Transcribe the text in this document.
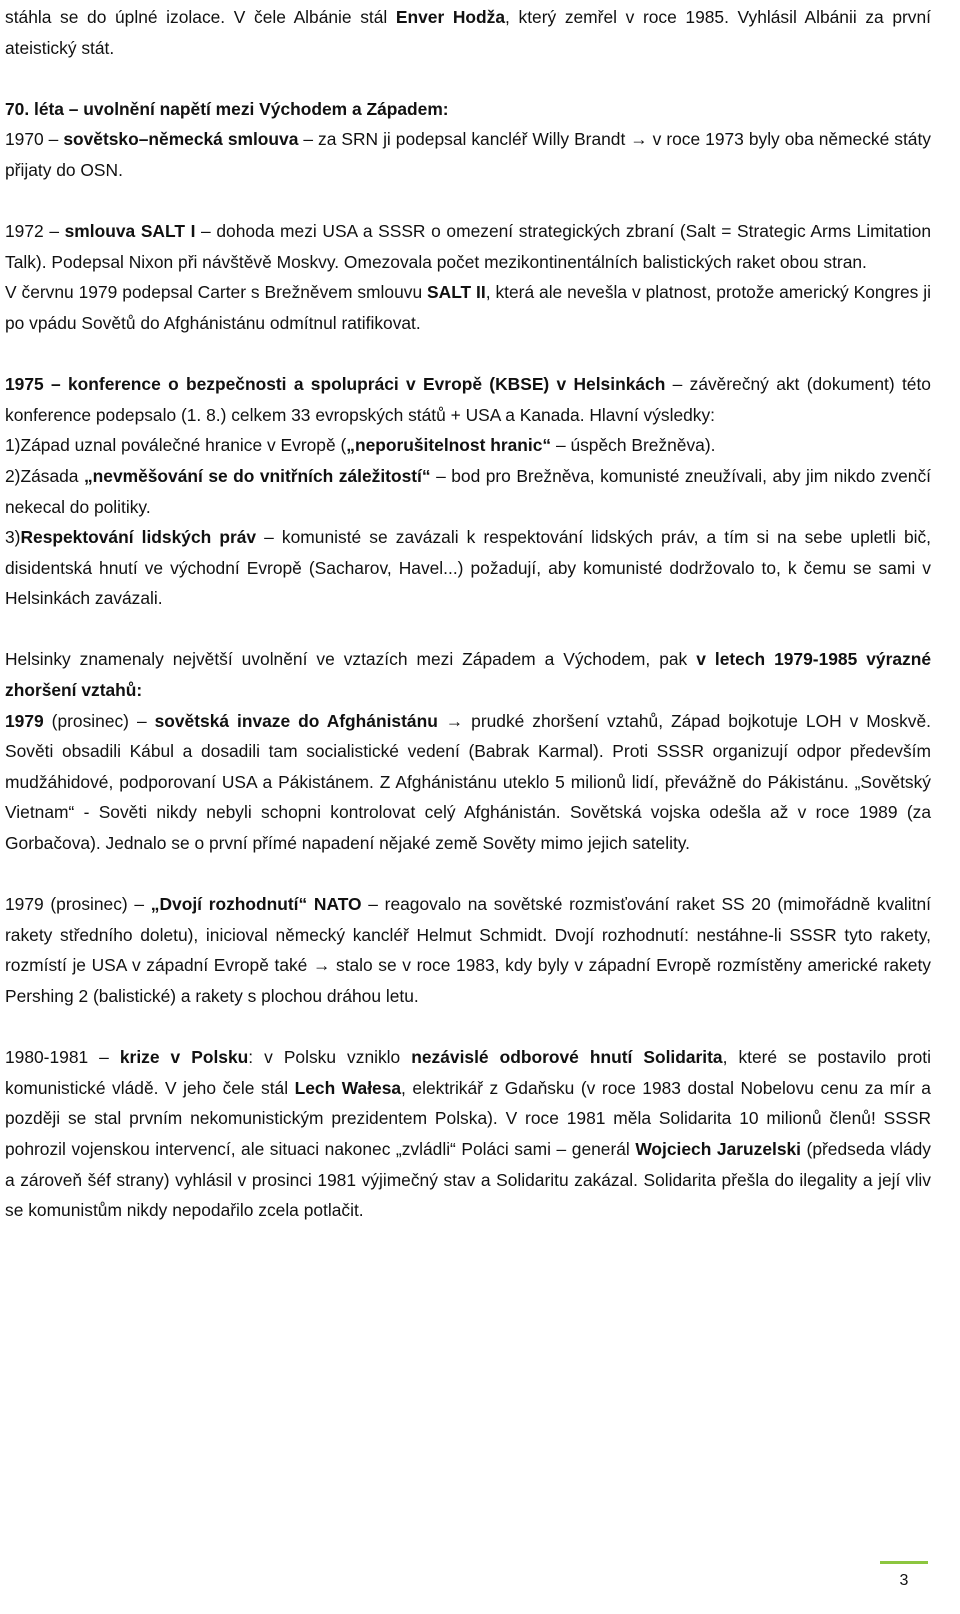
stáhla se do úplné izolace. V čele Albánie stál Enver Hodža, který zemřel v roce 1985. Vyhlásil Albánii za první ateistický stát.

70. léta – uvolnění napětí mezi Východem a Západem:

1970 – sovětsko–německá smlouva – za SRN ji podepsal kancléř Willy Brandt → v roce 1973 byly oba německé státy přijaty do OSN.

1972 – smlouva SALT I – dohoda mezi USA a SSSR o omezení strategických zbraní (Salt = Strategic Arms Limitation Talk). Podepsal Nixon při návštěvě Moskvy. Omezovala počet mezikontinentálních balistických raket obou stran.

V červnu 1979 podepsal Carter s Brežněvem smlouvu SALT II, která ale nevešla v platnost, protože americký Kongres ji po vpádu Sovětů do Afghánistánu odmítnul ratifikovat.

1975 – konference o bezpečnosti a spolupráci v Evropě (KBSE) v Helsinkách – závěrečný akt (dokument) této konference podepsalo (1. 8.) celkem 33 evropských států + USA a Kanada. Hlavní výsledky:

1)Západ uznal poválečné hranice v Evropě („neporušitelnost hranic“ – úspěch Brežněva).

2)Zásada „nevměšování se do vnitřních záležitostí“ – bod pro Brežněva, komunisté zneužívali, aby jim nikdo zvenčí nekecal do politiky.

3)Respektování lidských práv – komunisté se zavázali k respektování lidských práv, a tím si na sebe upletli bič, disidentská hnutí ve východní Evropě (Sacharov, Havel...) požadují, aby komunisté dodržovalo to, k čemu se sami v Helsinkách zavázali.

Helsinky znamenaly největší uvolnění ve vztazích mezi Západem a Východem, pak v letech 1979-1985 výrazné zhoršení vztahů:

1979 (prosinec) – sovětská invaze do Afghánistánu → prudké zhoršení vztahů, Západ bojkotuje LOH v Moskvě. Sověti obsadili Kábul a dosadili tam socialistické vedení (Babrak Karmal). Proti SSSR organizují odpor především mudžáhidové, podporovaní USA a Pákistánem. Z Afghánistánu uteklo 5 milionů lidí, převážně do Pákistánu. „Sovětský Vietnam“ - Sověti nikdy nebyli schopni kontrolovat celý Afghánistán. Sovětská vojska odešla až v roce 1989 (za Gorbačova). Jednalo se o první přímé napadení nějaké země Sověty mimo jejich satelity.

1979 (prosinec) – „Dvojí rozhodnutí“ NATO – reagovalo na sovětské rozmisťování raket SS 20 (mimořádně kvalitní rakety středního doletu), inicioval německý kancléř Helmut Schmidt. Dvojí rozhodnutí: nestáhne-li SSSR tyto rakety, rozmístí je USA v západní Evropě také → stalo se v roce 1983, kdy byly v západní Evropě rozmístěny americké rakety Pershing 2 (balistické) a rakety s plochou dráhou letu.

1980-1981 – krize v Polsku: v Polsku vzniklo nezávislé odborové hnutí Solidarita, které se postavilo proti komunistické vládě. V jeho čele stál Lech Wałesa, elektrikář z Gdaňsku (v roce 1983 dostal Nobelovu cenu za mír a později se stal prvním nekomunistickým prezidentem Polska). V roce 1981 měla Solidarita 10 milionů členů! SSSR pohrozil vojenskou intervencí, ale situaci nakonec „zvládli“ Poláci sami – generál Wojciech Jaruzelski (předseda vlády a zároveň šéf strany) vyhlásil v prosinci 1981 výjimečný stav a Solidaritu zakázal. Solidarita přešla do ilegality a její vliv se komunistům nikdy nepodařilo zcela potlačit.

3
